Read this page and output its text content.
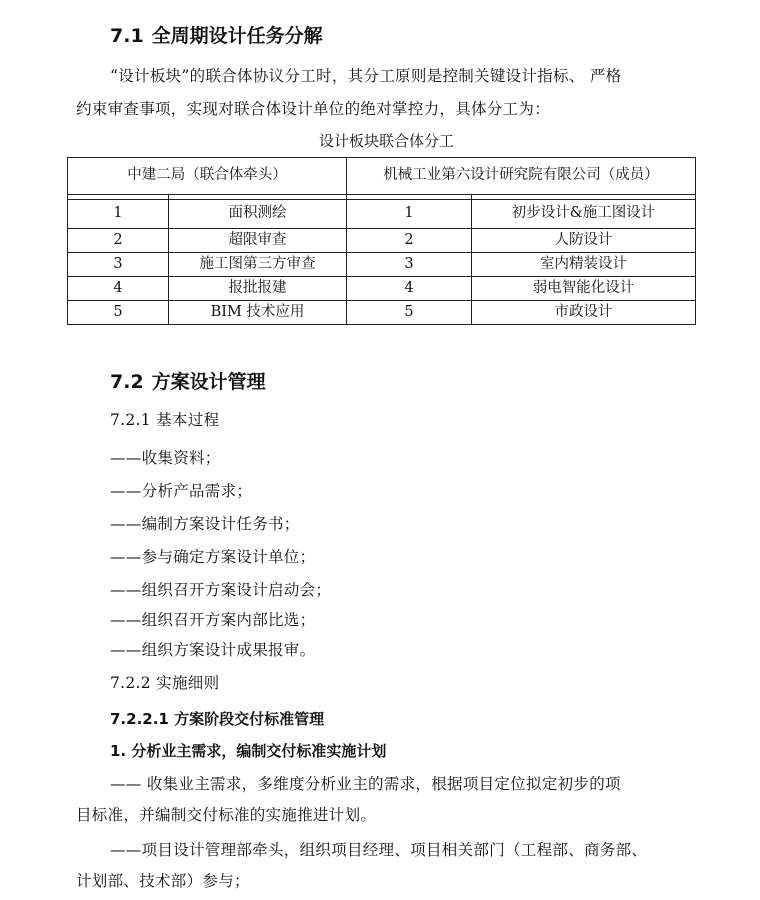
7.1 全周期设计任务分解
“设计板块”的联合体协议分工时，其分工原则是控制关键设计指标、 严格
约束审查事项，实现对联合体设计单位的绝对掌控力，具体分工为：
设计板块联合体分工
中建二局（联合体牵头）		机械工业第六设计研究院有限公司（成员）	

1	面积测绘	1	初步设计&施工图设计
2	超限审查	2	人防设计
3	施工图第三方审查	3	室内精装设计
4	报批报建	4	弱电智能化设计
5	BIM 技术应用	5	市政设计
7.2 方案设计管理
7.2.1 基本过程
——收集资料；
——分析产品需求；
——编制方案设计任务书；
——参与确定方案设计单位；
——组织召开方案设计启动会；
——组织召开方案内部比选；
——组织方案设计成果报审。
7.2.2 实施细则
7.2.2.1 方案阶段交付标准管理
1. 分析业主需求，编制交付标准实施计划
—— 收集业主需求，多维度分析业主的需求，根据项目定位拟定初步的项
目标准，并编制交付标准的实施推进计划。
——项目设计管理部牵头，组织项目经理、项目相关部门（工程部、商务部、
计划部、技术部）参与；
